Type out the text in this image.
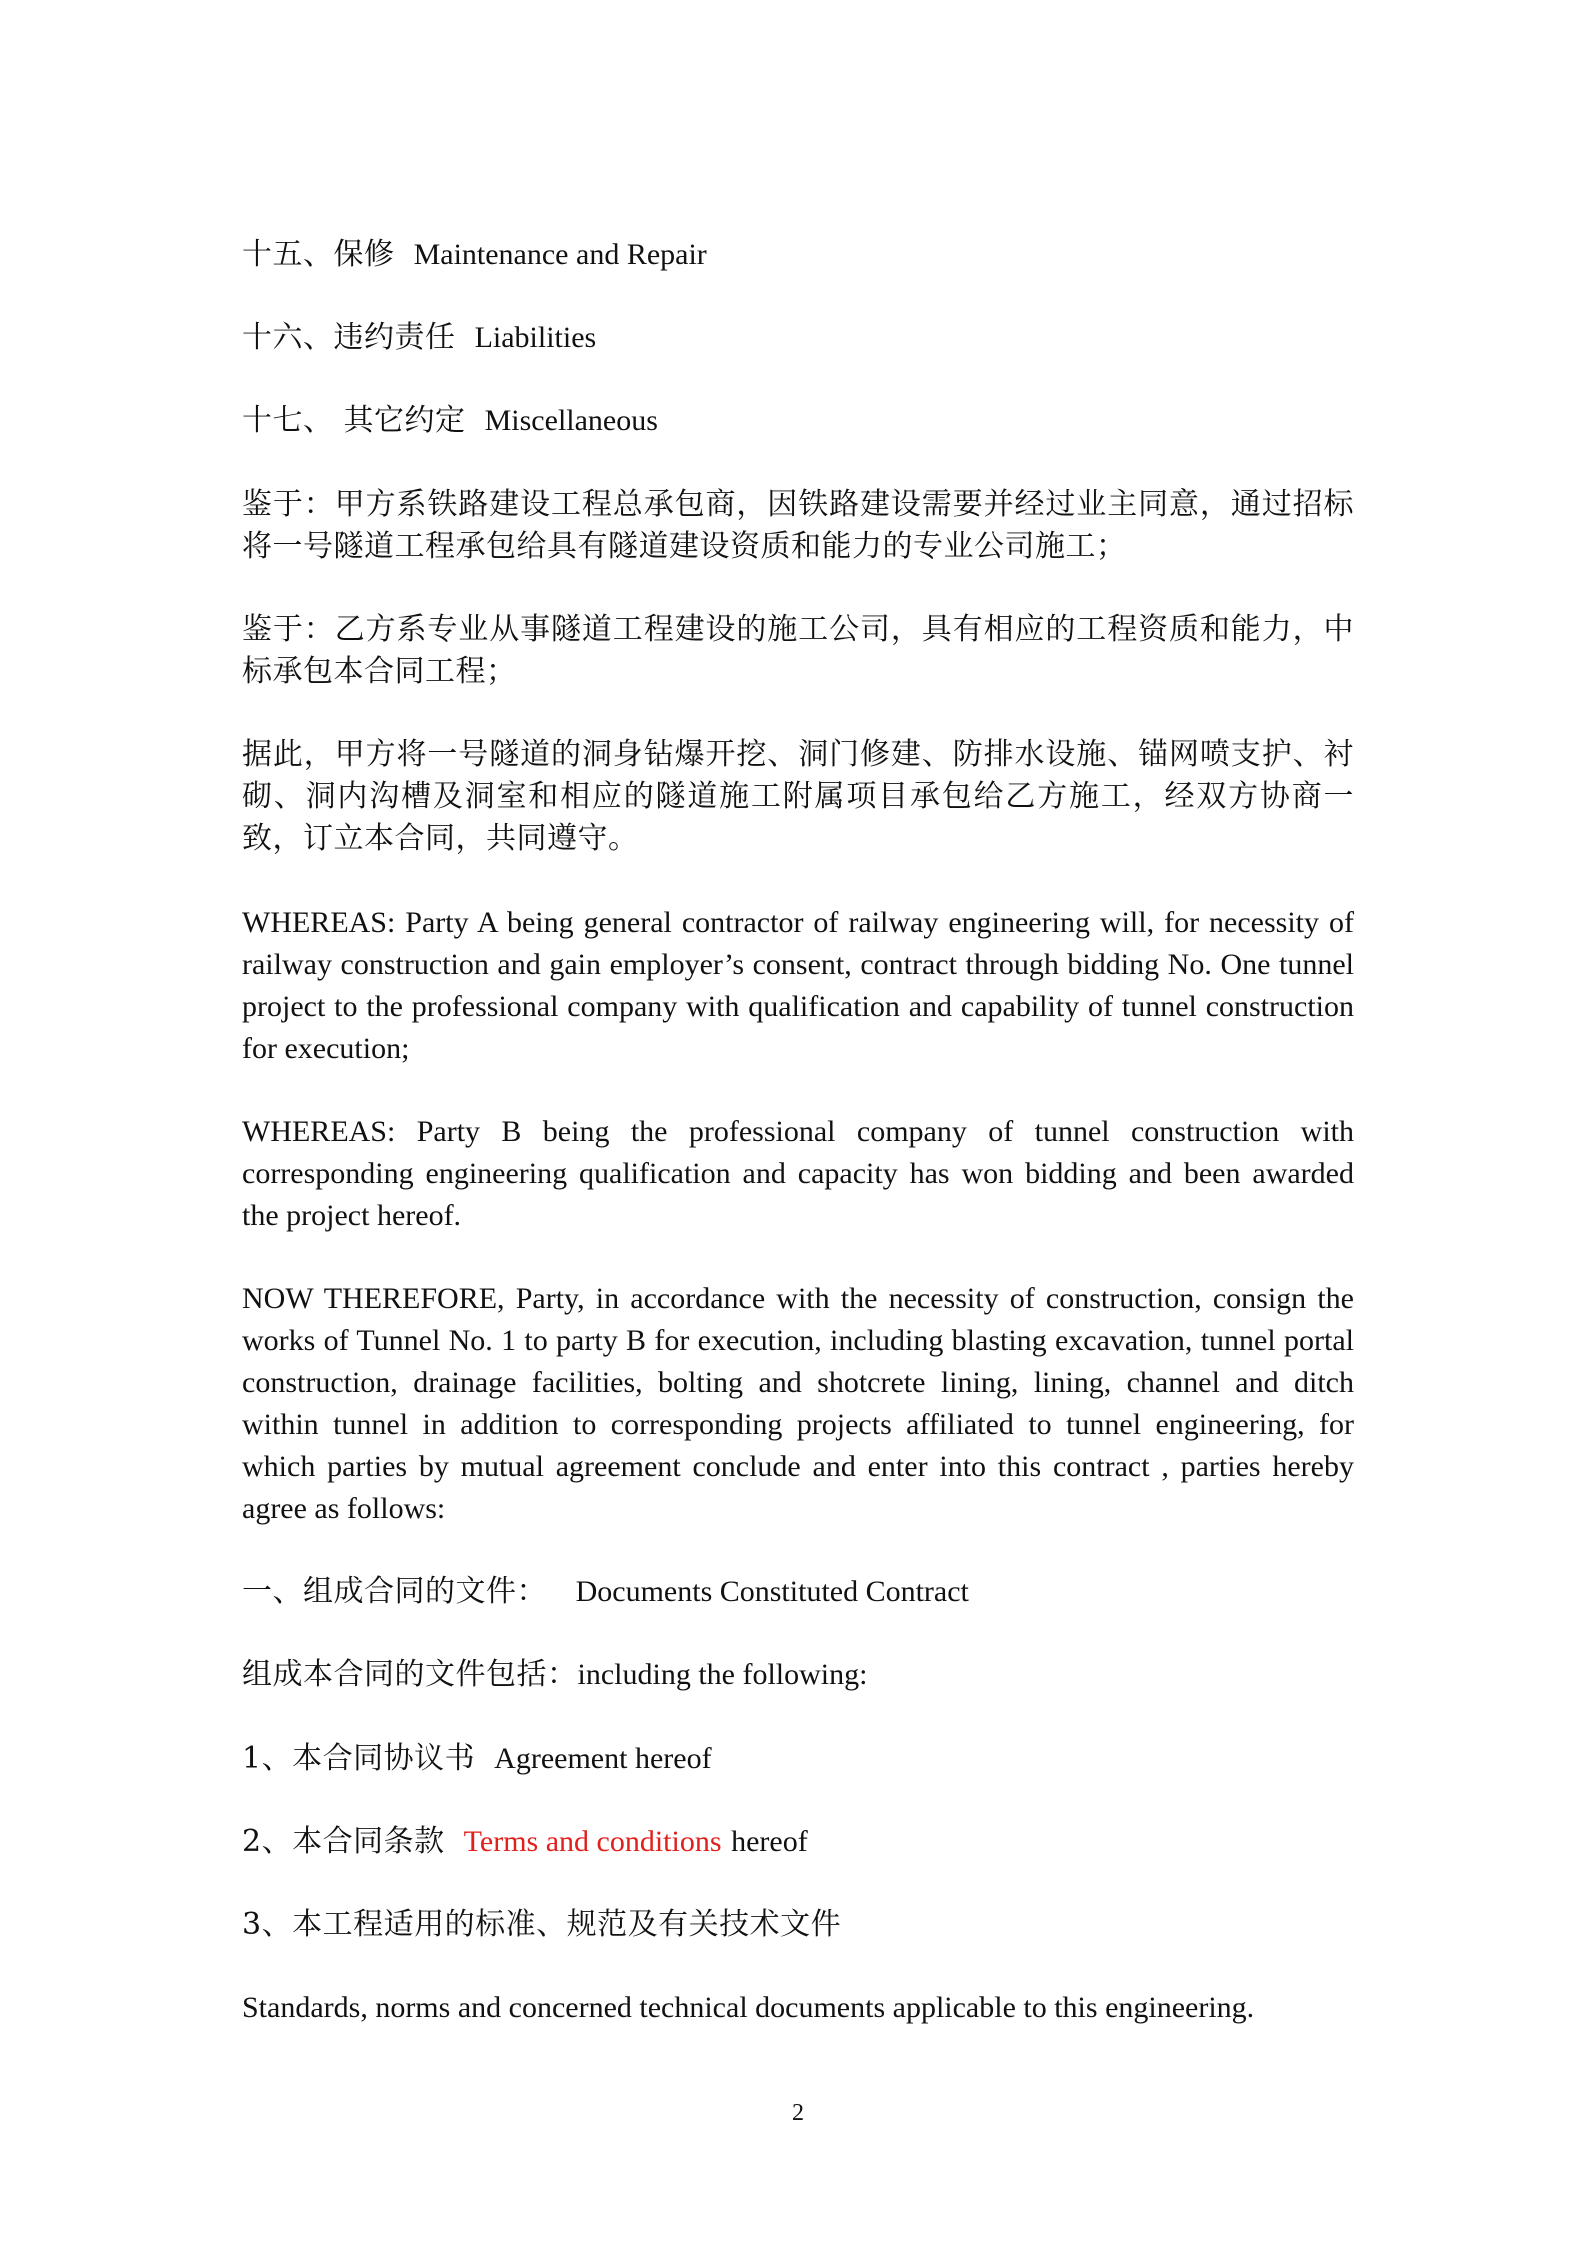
十五、保修 Maintenance and Repair
十六、违约责任 Liabilities
十七、 其它约定 Miscellaneous

鉴于：甲方系铁路建设工程总承包商，因铁路建设需要并经过业主同意，通过招标将一号隧道工程承包给具有隧道建设资质和能力的专业公司施工；

鉴于：乙方系专业从事隧道工程建设的施工公司，具有相应的工程资质和能力，中标承包本合同工程；

据此，甲方将一号隧道的洞身钻爆开挖、洞门修建、防排水设施、锚网喷支护、衬砌、洞内沟槽及洞室和相应的隧道施工附属项目承包给乙方施工，经双方协商一致，订立本合同，共同遵守。

WHEREAS: Party A being general contractor of railway engineering will, for necessity of railway construction and gain employer’s consent, contract through bidding No. One tunnel project to the professional company with qualification and capability of tunnel construction for execution;

WHEREAS: Party B being the professional company of tunnel construction with corresponding engineering qualification and capacity has won bidding and been awarded the project hereof.

NOW THEREFORE, Party, in accordance with the necessity of construction, consign the works of Tunnel No. 1 to party B for execution, including blasting excavation, tunnel portal construction, drainage facilities, bolting and shotcrete lining, lining, channel and ditch within tunnel in addition to corresponding projects affiliated to tunnel engineering, for which parties by mutual agreement conclude and enter into this contract , parties hereby agree as follows:

一、组成合同的文件： Documents Constituted Contract
组成本合同的文件包括：including the following:
1、本合同协议书 Agreement hereof
2、本合同条款 Terms and conditions hereof
3、本工程适用的标准、规范及有关技术文件
Standards, norms and concerned technical documents applicable to this engineering.
2
